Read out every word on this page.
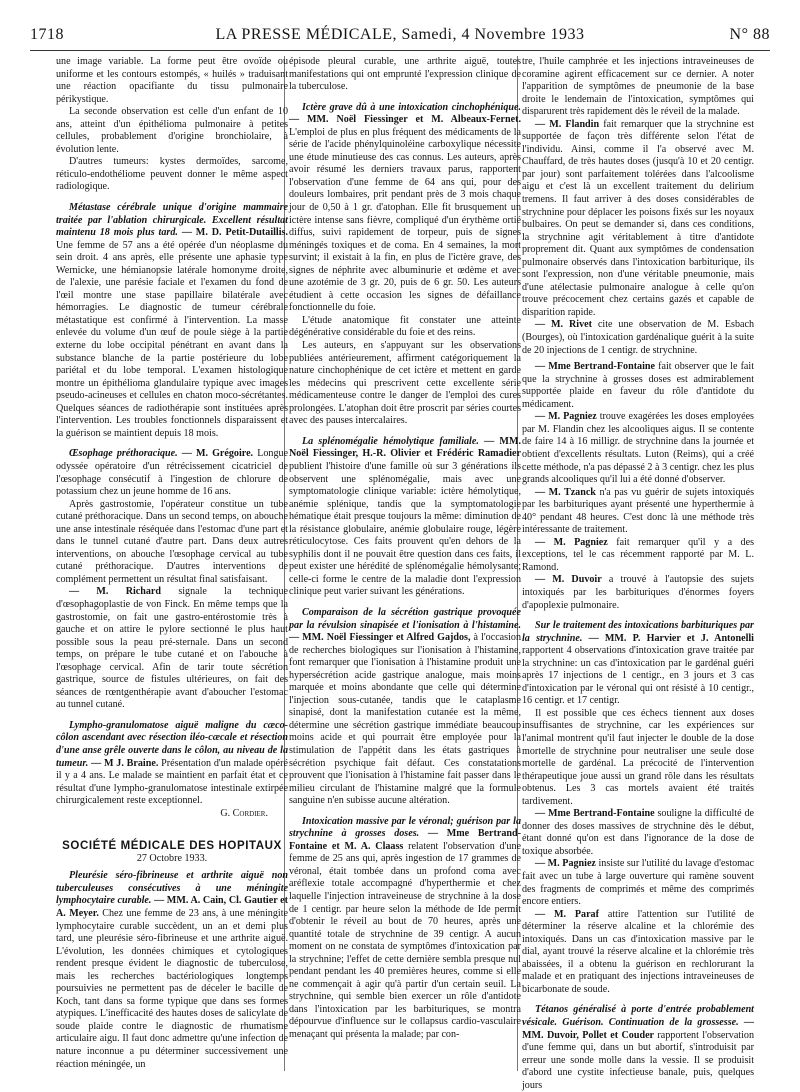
1718	LA PRESSE MÉDICALE, Samedi, 4 Novembre 1933	N° 88

une image variable. La forme peut être ovoïde ou uniforme et les contours estompés, « huilés » traduisant une réaction opacifiante du tissu pulmonaire périkystique.

La seconde observation est celle d'un enfant de 10 ans, atteint d'un épithélioma pulmonaire à petites cellules, probablement d'origine bronchiolaire, à évolution lente.

D'autres tumeurs: kystes dermoïdes, sarcome, réticulo-endothéliome peuvent donner le même aspect radiologique.

Métastase cérébrale unique d'origine mammaire traitée par l'ablation chirurgicale. Excellent résultat maintenu 18 mois plus tard. — M. D. Petit-Dutaillis. Une femme de 57 ans a été opérée d'un néoplasme du sein droit. 4 ans après, elle présente une aphasie type Wernicke, une hémianopsie latérale homonyme droite, de l'alexie, une parésie faciale et l'examen du fond de l'œil montre une stase papillaire bilatérale avec hémorragies. Le diagnostic de tumeur cérébrale métastatique est confirmé à l'intervention. La masse enlevée du volume d'un œuf de poule siège à la partie externe du lobe occipital pénétrant en avant dans la substance blanche de la partie postérieure du lobe pariétal et du lobe temporal. L'examen histologique montre un épithélioma glandulaire typique avec images pseudo-acineuses et cellules en chaton moco-sécrétantes. Quelques séances de radiothérapie sont instituées après l'intervention. Les troubles fonctionnels disparaissent et la guérison se maintient depuis 18 mois.

Œsophage préthoracique. — M. Grégoire. Longue odyssée opératoire d'un rétrécissement cicatriciel de l'œsophage consécutif à l'ingestion de chlorure de potassium chez un jeune homme de 16 ans.

Après gastrostomie, l'opérateur constitue un tube cutané préthoracique. Dans un second temps, on abouche une anse intestinale réséquée dans l'estomac d'une part et dans le tunnel cutané d'autre part. Dans deux autres interventions, on abouche l'œsophage cervical au tube cutané préthoracique. D'autres interventions de complément permettent un résultat final satisfaisant.

— M. Richard signale la technique d'œsophagoplastie de von Finck. En même temps que la gastrostomie, on fait une gastro-entérostomie très à gauche et on attire le pylore sectionné le plus haut possible sous la peau pré-sternale. Dans un second temps, on prépare le tube cutané et on l'abouche à l'œsophage cervical. Afin de tarir toute sécrétion gastrique, source de fistules ultérieures, on fait des séances de rœntgenthérapie avant d'aboucher l'estomac au tunnel cutané.

Lympho-granulomatose aiguë maligne du cæco-côlon ascendant avec résection iléo-cæcale et résection d'une anse grêle ouverte dans le côlon, au niveau de la tumeur. — M J. Braine. Présentation d'un malade opéré il y a 4 ans. Le malade se maintient en parfait état et ce résultat d'une lympho-granulomatose intestinale extirpée chirurgicalement reste exceptionnel.

G. Cordier.

SOCIÉTÉ MÉDICALE DES HOPITAUX
27 Octobre 1933.

Pleurésie séro-fibrineuse et arthrite aiguë non tuberculeuses consécutives à une méningite lymphocytaire curable. — MM. A. Cain, Cl. Gautier et A. Meyer. Chez une femme de 23 ans, à une méningite lymphocytaire curable succèdent, un an et demi plus tard, une pleurésie séro-fibrineuse et une arthrite aiguë. L'évolution, les données chimiques et cytologiques rendent presque évident le diagnostic de tuberculose, mais les recherches bactériologiques longtemps poursuivies ne permettent pas de déceler le bacille de Koch, tant dans sa forme typique que dans ses formes atypiques. L'inefficacité des hautes doses de salicylate de soude plaide contre le diagnostic de rhumatisme articulaire aigu. Il faut donc admettre qu'une infection de nature inconnue a pu déterminer successivement une réaction méningée, un

épisode pleural curable, une arthrite aiguë, toutes manifestations qui ont emprunté l'expression clinique de la tuberculose.

Ictère grave dû à une intoxication cinchophénique. — MM. Noël Fiessinger et M. Albeaux-Fernet. L'emploi de plus en plus fréquent des médicaments de la série de l'acide phénylquinoléine carboxylique nécessite une étude minutieuse des cas connus. Les auteurs, après avoir résumé les derniers travaux parus, rapportent l'observation d'une femme de 64 ans qui, pour des douleurs lombaires, prit pendant près de 3 mois chaque jour de 0,50 à 1 gr. d'atophan. Elle fit brusquement un ictère intense sans fièvre, compliqué d'un érythème ortié diffus, suivi rapidement de torpeur, puis de signes méningés toxiques et de coma. En 4 semaines, la mort survint; il existait à la fin, en plus de l'ictère grave, des signes de néphrite avec albuminurie et œdème et avec une azotémie de 3 gr. 20, puis de 6 gr. 50. Les auteurs étudient à cette occasion les signes de défaillance fonctionnelle du foie.

L'étude anatomique fit constater une atteinte dégénérative considérable du foie et des reins.

Les auteurs, en s'appuyant sur les observations publiées antérieurement, affirment catégoriquement la nature cinchophénique de cet ictère et mettent en garde les médecins qui prescrivent cette excellente série médicamenteuse contre le danger de l'emploi des cures prolongées. L'atophan doit être proscrit par séries courtes avec des pauses intercalaires.

La splénomégalie hémolytique familiale. — MM. Noël Fiessinger, H.-R. Olivier et Frédéric Ramadier publient l'histoire d'une famille où sur 3 générations ils observent une splénomégalie, mais avec une symptomatologie clinique variable: ictère hémolytique, anémie splénique, tandis que la symptomatologie hématique était presque toujours la même: diminution de la résistance globulaire, anémie globulaire rouge, légère réticulocytose. Ces faits prouvent qu'en dehors de la syphilis dont il ne pouvait être question dans ces faits, il peut exister une hérédité de splénomégalie hémolysante; celle-ci forme le centre de la maladie dont l'expression clinique peut varier suivant les générations.

Comparaison de la sécrétion gastrique provoquée par la révulsion sinapisée et l'ionisation à l'histamine. — MM. Noël Fiessinger et Alfred Gajdos, à l'occasion de recherches biologiques sur l'ionisation à l'histamine, font remarquer que l'ionisation à l'histamine produit une hypersécrétion acide gastrique analogue, mais moins marquée et moins abondante que celle qui détermine l'injection sous-cutanée, tandis que le cataplasme sinapisé, dont la manifestation cutanée est la même, détermine une sécrétion gastrique immédiate beaucoup moins acide et qui pourrait être employée pour la stimulation de l'appétit dans les états gastriques à sécrétion psychique fait défaut. Ces constatations prouvent que l'ionisation à l'histamine fait passer dans le milieu circulant de l'histamine malgré que la formule sanguine n'en subisse aucune altération.

Intoxication massive par le véronal; guérison par la strychnine à grosses doses. — Mme Bertrand-Fontaine et M. A. Claass relatent l'observation d'une femme de 25 ans qui, après ingestion de 17 grammes de véronal, était tombée dans un profond coma avec aréflexie totale accompagné d'hyperthermie et chez laquelle l'injection intraveineuse de strychnine à la dose de 1 centigr. par heure selon la méthode de Ide permit d'obtenir le réveil au bout de 70 heures, après une quantité totale de strychnine de 39 centigr. A aucun moment on ne constata de symptômes d'intoxication par la strychnine; l'effet de cette dernière sembla presque nul pendant pendant les 40 premières heures, comme si elle ne commençait à agir qu'à partir d'un certain seuil. La strychnine, qui semble bien exercer un rôle d'antidote dans l'intoxication par les barbituriques, se montra dépourvue d'influence sur le collapsus cardio-vasculaire menaçant qui présenta la malade; par con-

tre, l'huile camphrée et les injections intraveineuses de coramine agirent efficacement sur ce dernier. A noter l'apparition de symptômes de pneumonie de la base droite le lendemain de l'intoxication, symptômes qui disparurent très rapidement dès le réveil de la malade.

— M. Flandin fait remarquer que la strychnine est supportée de façon très différente selon l'état de l'individu. Ainsi, comme il l'a observé avec M. Chauffard, de très hautes doses (jusqu'à 10 et 20 centigr. par jour) sont parfaitement tolérées dans l'alcoolisme aigu et c'est là un excellent traitement du delirium tremens. Il faut arriver à des doses considérables de strychnine pour déplacer les poisons fixés sur les noyaux bulbaires. On peut se demander si, dans ces conditions, la strychnine agit véritablement à titre d'antidote proprement dit. Quant aux symptômes de condensation pulmonaire observés dans l'intoxication barbiturique, ils sont l'expression, non d'une véritable pneumonie, mais d'une atélectasie pulmonaire analogue à celle qu'on trouve précocement chez certains gazés et capable de disparition rapide.

— M. Rivet cite une observation de M. Esbach (Bourges), où l'intoxication gardénalique guérit à la suite de 20 injections de 1 centigr. de strychnine.

— Mme Bertrand-Fontaine fait observer que le fait que la strychnine à grosses doses est admirablement supportée plaide en faveur du rôle d'antidote du médicament.

— M. Pagniez trouve exagérées les doses employées par M. Flandin chez les alcooliques aigus. Il se contente de faire 14 à 16 milligr. de strychnine dans la journée et obtient d'excellents résultats. Luton (Reims), qui a créé cette méthode, n'a pas dépassé 2 à 3 centigr. chez les plus grands alcooliques qu'il lui a été donné d'observer.

— M. Tzanck n'a pas vu guérir de sujets intoxiqués par les barbituriques ayant présenté une hyperthermie à 40° pendant 48 heures. C'est donc là une méthode très intéressante de traitement.

— M. Pagniez fait remarquer qu'il y a des exceptions, tel le cas récemment rapporté par M. L. Ramond.

— M. Duvoir a trouvé à l'autopsie des sujets intoxiqués par les barbituriques d'énormes foyers d'apoplexie pulmonaire.

Sur le traitement des intoxications barbituriques par la strychnine. — MM. P. Harvier et J. Antonelli rapportent 4 observations d'intoxication grave traitée par la strychnine: un cas d'intoxication par le gardénal guéri après 17 injections de 1 centigr., en 3 jours et 3 cas d'intoxication par le véronal qui ont résisté à 10 centigr., 16 centigr. et 17 centigr.

Il est possible que ces échecs tiennent aux doses insuffisantes de strychnine, car les expériences sur l'animal montrent qu'il faut injecter le double de la dose mortelle de strychnine pour neutraliser une seule dose mortelle de gardénal. La précocité de l'intervention thérapeutique joue aussi un grand rôle dans les résultats obtenus. Les 3 cas mortels avaient été traités tardivement.

— Mme Bertrand-Fontaine souligne la difficulté de donner des doses massives de strychnine dès le début, étant donné qu'on est dans l'ignorance de la dose de toxique absorbée.

— M. Pagniez insiste sur l'utilité du lavage d'estomac fait avec un tube à large ouverture qui ramène souvent des fragments de comprimés et même des comprimés encore entiers.

— M. Paraf attire l'attention sur l'utilité de déterminer la réserve alcaline et la chlorémie des intoxiqués. Dans un cas d'intoxication massive par le dial, ayant trouvé la réserve alcaline et la chlorémie très abaissées, il a obtenu la guérison en rechlorurant la malade et en pratiquant des injections intraveineuses de bicarbonate de soude.

Tétanos généralisé à porte d'entrée probablement vésicale. Guérison. Continuation de la grossesse. — MM. Duvoir, Pollet et Couder rapportent l'observation d'une femme qui, dans un but abortif, s'introduisit par erreur une sonde molle dans la vessie. Il se produisit d'abord une cystite infectieuse banale, puis, quelques jours
